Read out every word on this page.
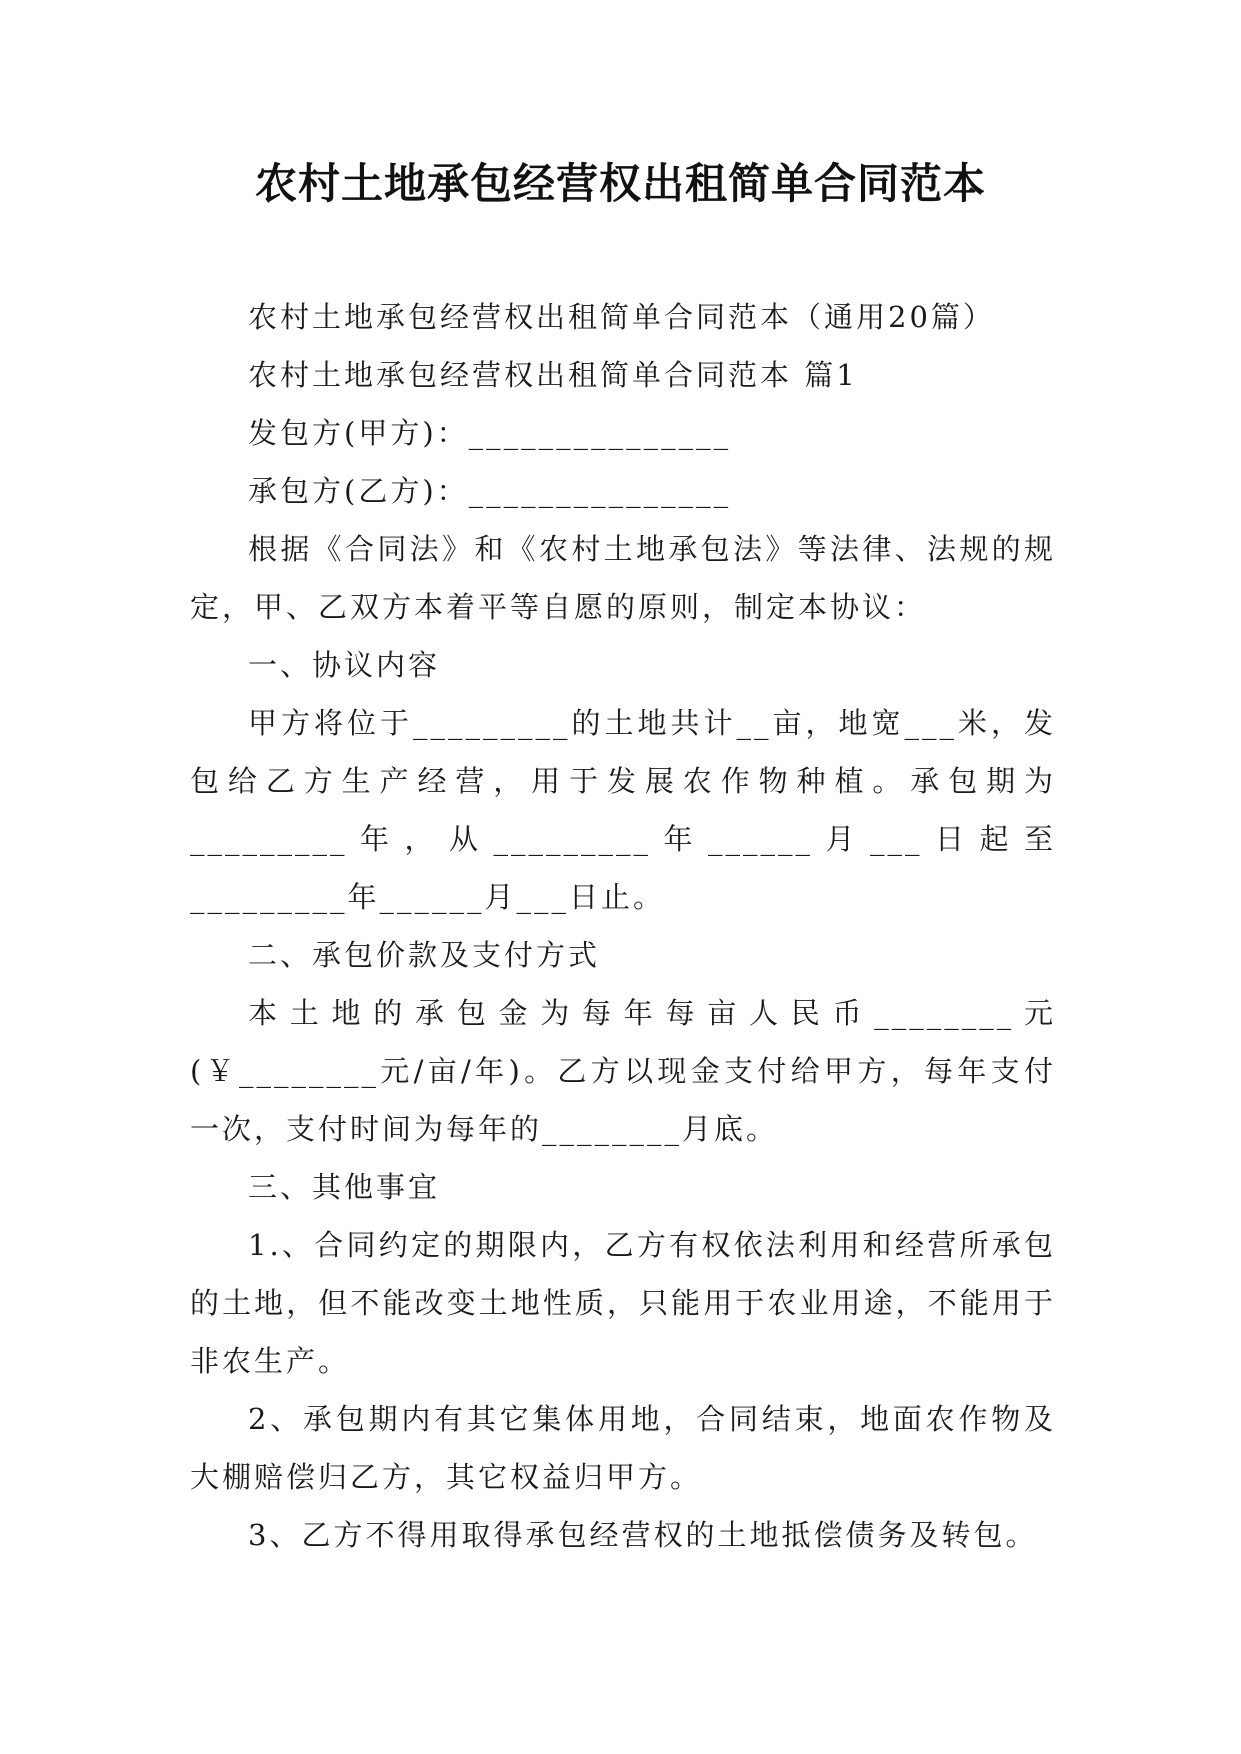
农村土地承包经营权出租简单合同范本

农村土地承包经营权出租简单合同范本（通用20篇）

农村土地承包经营权出租简单合同范本 篇1

发包方(甲方)：_______________

承包方(乙方)：_______________

根据《合同法》和《农村土地承包法》等法律、法规的规定，甲、乙双方本着平等自愿的原则，制定本协议：

一、协议内容

甲方将位于_________的土地共计__亩，地宽___米，发包给乙方生产经营，用于发展农作物种植。承包期为_________年，从_________年______月___日起至_________年______月___日止。

二、承包价款及支付方式

本土地的承包金为每年每亩人民币________元(￥________元/亩/年)。乙方以现金支付给甲方，每年支付一次，支付时间为每年的________月底。

三、其他事宜

1.、合同约定的期限内，乙方有权依法利用和经营所承包的土地，但不能改变土地性质，只能用于农业用途，不能用于非农生产。

2、承包期内有其它集体用地，合同结束，地面农作物及大棚赔偿归乙方，其它权益归甲方。

3、乙方不得用取得承包经营权的土地抵偿债务及转包。
